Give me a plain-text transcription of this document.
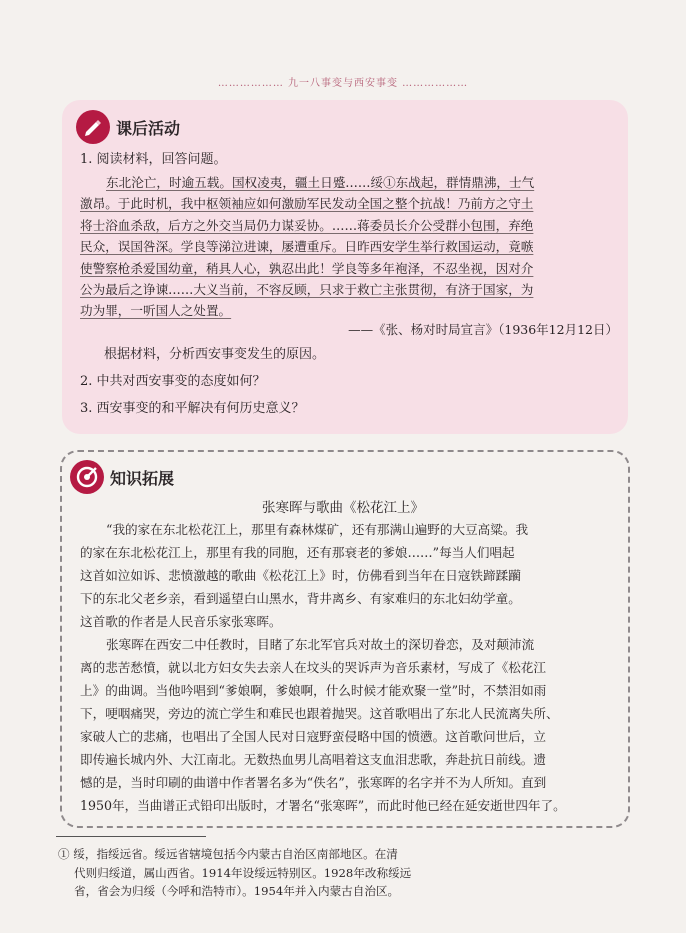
……………… 九一八事变与西安事变 ………………
课后活动
1. 阅读材料，回答问题。
东北沦亡，时逾五载。国权凌夷，疆土日蹙……绥①东战起，群情鼎沸，士气
激昂。于此时机，我中枢领袖应如何激励军民发动全国之整个抗战！乃前方之守土
将士浴血杀敌，后方之外交当局仍力谋妥协。……蒋委员长介公受群小包围，弃绝
民众，误国咎深。学良等涕泣进谏，屡遭重斥。日昨西安学生举行救国运动，竟嗾
使警察枪杀爱国幼童，稍具人心，孰忍出此！学良等多年袍泽，不忍坐视，因对介
公为最后之诤谏……大义当前，不容反顾，只求于救亡主张贯彻，有济于国家，为
功为罪，一听国人之处置。
——《张、杨对时局宣言》（1936年12月12日）
根据材料，分析西安事变发生的原因。
2. 中共对西安事变的态度如何？
3. 西安事变的和平解决有何历史意义？
知识拓展
张寒晖与歌曲《松花江上》
“我的家在东北松花江上，那里有森林煤矿，还有那满山遍野的大豆高粱。我
的家在东北松花江上，那里有我的同胞，还有那衰老的爹娘……”每当人们唱起
这首如泣如诉、悲愤激越的歌曲《松花江上》时，仿佛看到当年在日寇铁蹄蹂躏
下的东北父老乡亲，看到遥望白山黑水，背井离乡、有家难归的东北妇幼学童。
这首歌的作者是人民音乐家张寒晖。
张寒晖在西安二中任教时，目睹了东北军官兵对故土的深切眷恋，及对颠沛流
离的悲苦愁憤，就以北方妇女失去亲人在坟头的哭诉声为音乐素材，写成了《松花江
上》的曲调。当他吟唱到“爹娘啊，爹娘啊，什么时候才能欢聚一堂”时，不禁泪如雨
下，哽咽痛哭，旁边的流亡学生和难民也跟着抛哭。这首歌唱出了东北人民流离失所、
家破人亡的悲痛，也唱出了全国人民对日寇野蛮侵略中国的愤懑。这首歌问世后，立
即传遍长城内外、大江南北。无数热血男儿高唱着这支血泪悲歌，奔赴抗日前线。遗
憾的是，当时印刷的曲谱中作者署名多为“佚名”，张寒晖的名字并不为人所知。直到
1950年，当曲谱正式铅印出版时，才署名“张寒晖”，而此时他已经在延安逝世四年了。
① 绥，指绥远省。绥远省辖境包括今内蒙古自治区南部地区。在清
代则归绥道，属山西省。1914年设绥远特别区。1928年改称绥远
省，省会为归绥（今呼和浩特市）。1954年并入内蒙古自治区。
